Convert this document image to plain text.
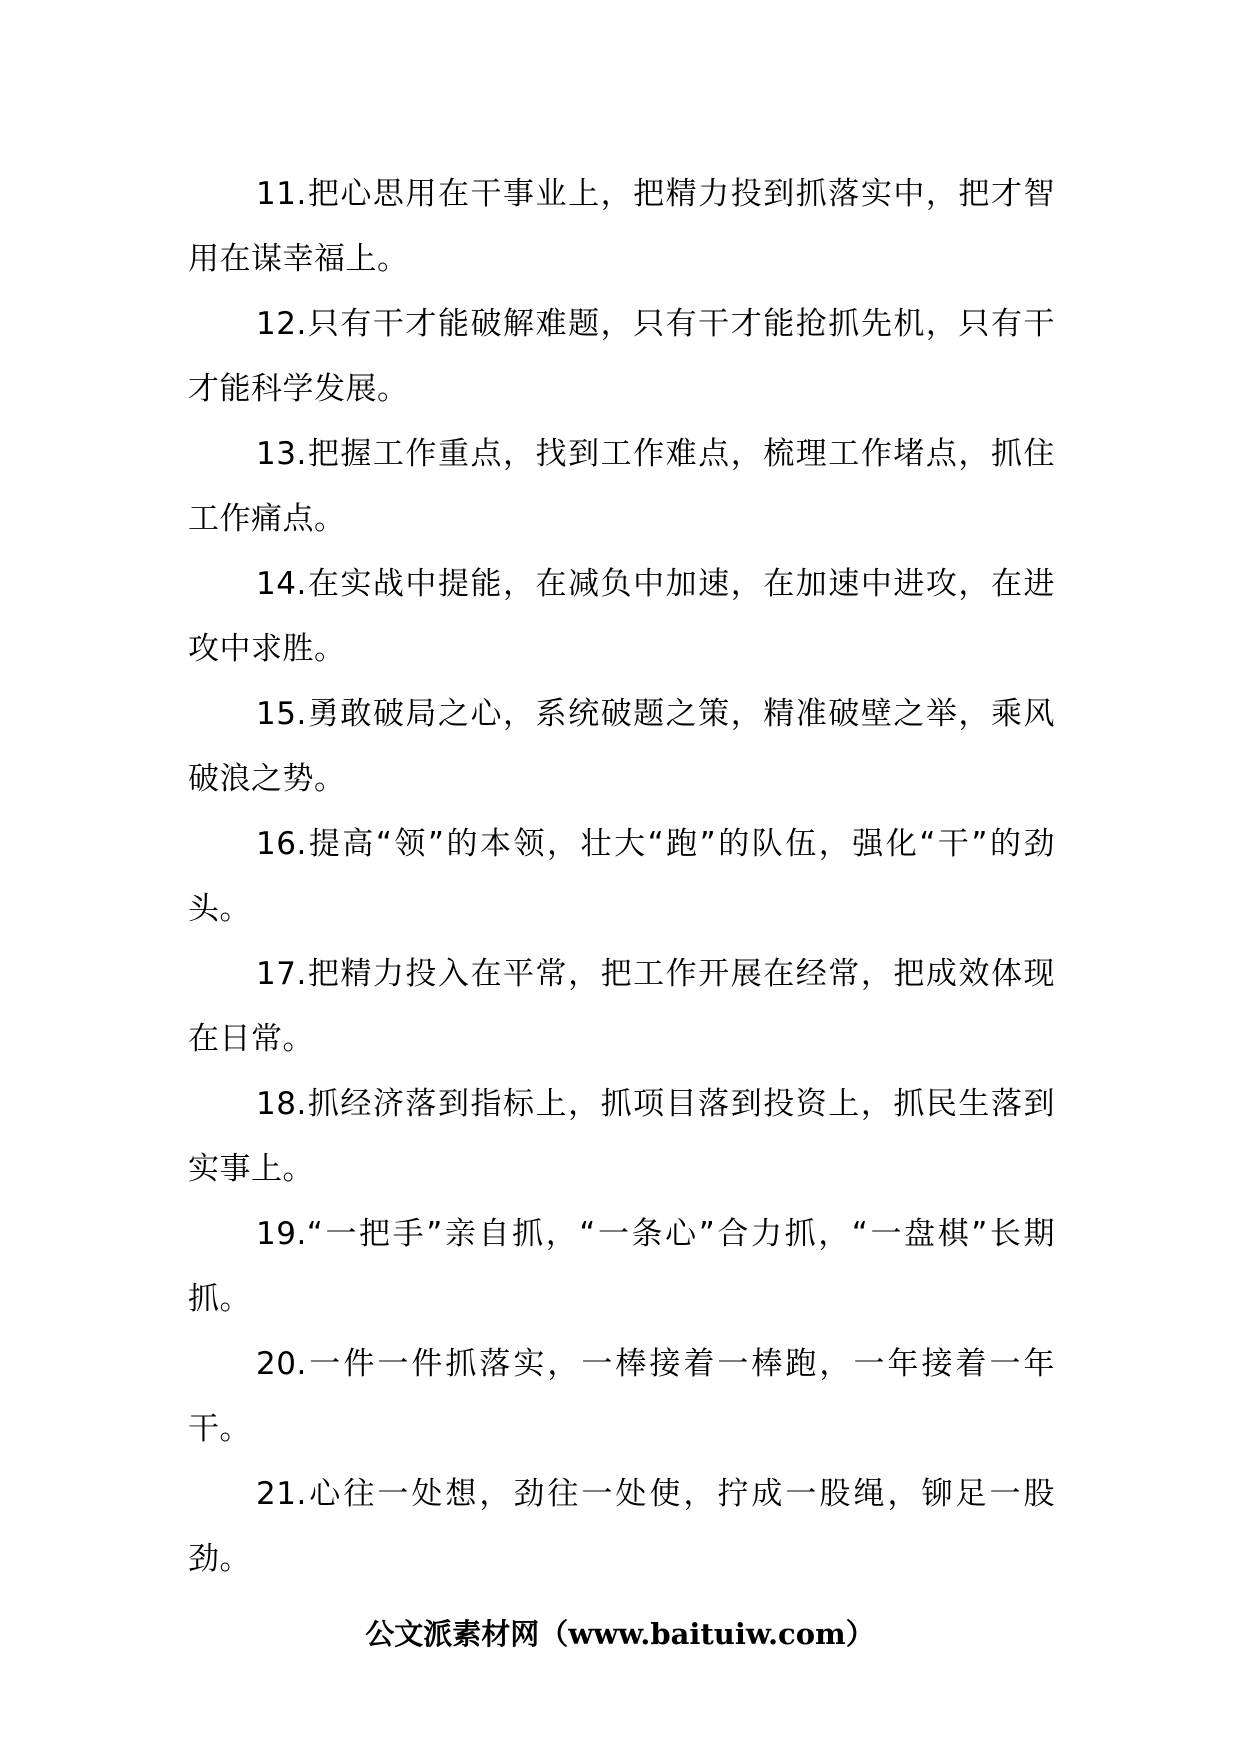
11.把心思用在干事业上，把精力投到抓落实中，把才智用在谋幸福上。

12.只有干才能破解难题，只有干才能抢抓先机，只有干才能科学发展。

13.把握工作重点，找到工作难点，梳理工作堵点，抓住工作痛点。

14.在实战中提能，在减负中加速，在加速中进攻，在进攻中求胜。

15.勇敢破局之心，系统破题之策，精准破壁之举，乘风破浪之势。

16.提高“领”的本领，壮大“跑”的队伍，强化“干”的劲头。

17.把精力投入在平常，把工作开展在经常，把成效体现在日常。

18.抓经济落到指标上，抓项目落到投资上，抓民生落到实事上。

19.“一把手”亲自抓，“一条心”合力抓，“一盘棋”长期抓。

20.一件一件抓落实，一棒接着一棒跑，一年接着一年干。

21.心往一处想，劲往一处使，拧成一股绳，铆足一股劲。

公文派素材网（www.baituiw.com）
